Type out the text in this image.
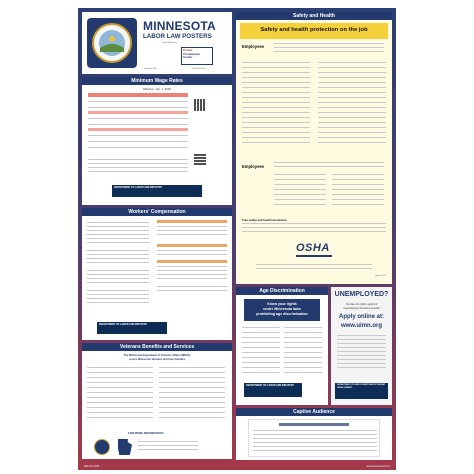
MINNESOTA
LABOR LAW POSTERS
For All Employers
Poster
Compliance
Center
Copyright 2024	1-800-322-1456
Minimum Wage Rates
Effective: Jan. 1, 2025
DEPARTMENT OF LABOR AND INDUSTRY
Workers' Compensation
DEPARTMENT OF LABOR AND INDUSTRY
Veterans Benefits and Services
The Minnesota Department of Veterans Affairs (MDVA)
serves Minnesota Veterans and their Families
FOR MORE INFORMATION
Safety and Health
Safety and health protection on the job
Employees
Employees
Free safety and health assistance
OSHA
August 2017
Age Discrimination
Know your rights
under Minnesota laws
prohibiting age discrimination
DEPARTMENT OF LABOR AND INDUSTRY
UNEMPLOYED?
You have the right to apply for
Unemployment Insurance benefits
Apply online at:
www.uimn.org
DEPARTMENT OF EMPLOYMENT AND ECONOMIC DEVELOPMENT
Captive Audience
888-321-6158	www.posterguard.com
